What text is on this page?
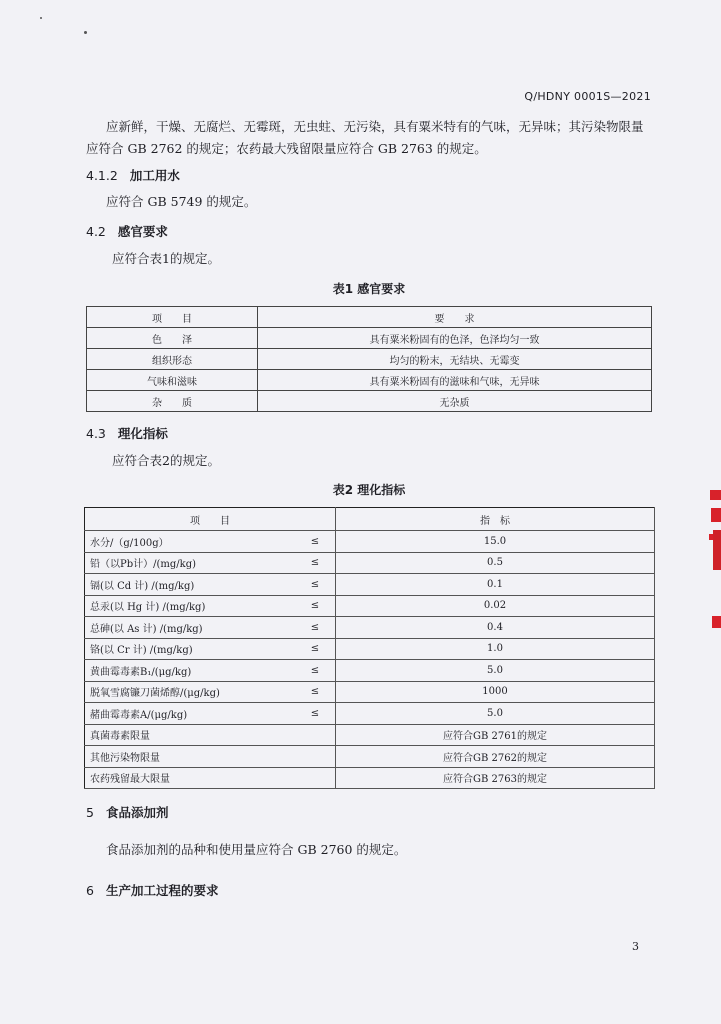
Q/HDNY 0001S—2021
应新鲜，干燥、无腐烂、无霉斑，无虫蛀、无污染，具有粟米特有的气味，无异味；其污染物限量
应符合 GB 2762 的规定；农药最大残留限量应符合 GB 2763 的规定。
4.1.2 加工用水
应符合 GB 5749 的规定。
4.2 感官要求
应符合表1的规定。
表1 感官要求
项　　目	要　　求
色　　泽	具有粟米粉固有的色泽，色泽均匀一致
组织形态	均匀的粉末，无结块、无霉变
气味和滋味	具有粟米粉固有的滋味和气味，无异味
杂　　质	无杂质
4.3 理化指标
应符合表2的规定。
表2 理化指标
项　　目		指　标
水分/（g/100g）	≤	15.0
铅（以Pb计）/(mg/kg)	≤	0.5
镉(以 Cd 计) /(mg/kg)	≤	0.1
总汞(以 Hg 计) /(mg/kg)	≤	0.02
总砷(以 As 计) /(mg/kg)	≤	0.4
铬(以 Cr 计) /(mg/kg)	≤	1.0
黄曲霉毒素B₁/(μg/kg)	≤	5.0
脱氧雪腐镰刀菌烯醇/(μg/kg)	≤	1000
赭曲霉毒素A/(μg/kg)	≤	5.0
真菌毒素限量		应符合GB 2761的规定
其他污染物限量		应符合GB 2762的规定
农药残留最大限量		应符合GB 2763的规定
5 食品添加剂
食品添加剂的品种和使用量应符合 GB 2760 的规定。
6 生产加工过程的要求
3
